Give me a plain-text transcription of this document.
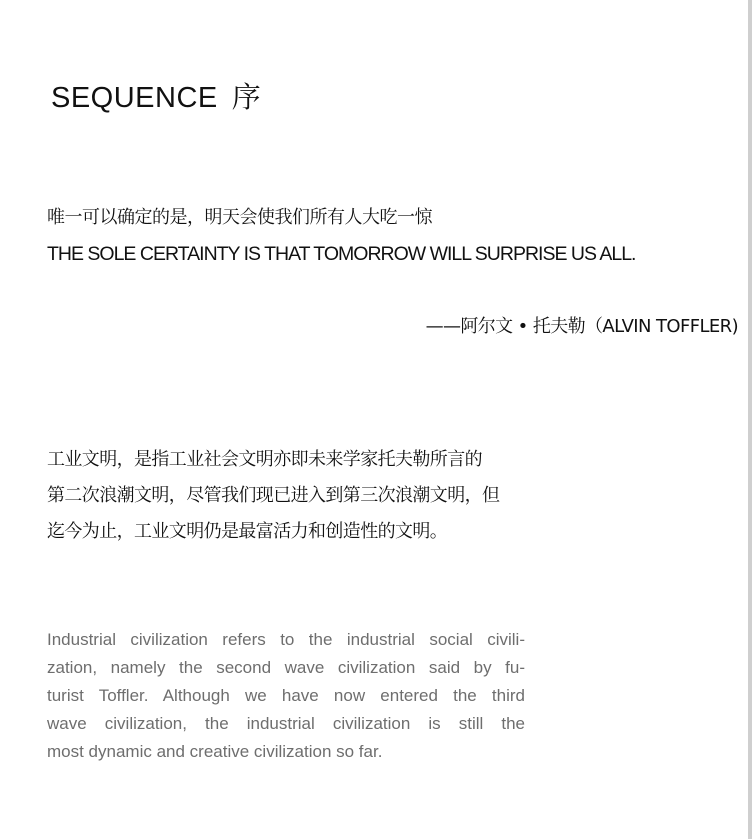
SEQUENCE 序
唯一可以确定的是，明天会使我们所有人大吃一惊
THE SOLE CERTAINTY IS THAT TOMORROW WILL SURPRISE US ALL.
——阿尔文 • 托夫勒（ALVIN TOFFLER)
工业文明，是指工业社会文明亦即未来学家托夫勒所言的
第二次浪潮文明，尽管我们现已进入到第三次浪潮文明，但
迄今为止，工业文明仍是最富活力和创造性的文明。
Industrial civilization refers to the industrial social civili-
zation, namely the second wave civilization said by fu-
turist Toffler. Although we have now entered the third
wave civilization, the industrial civilization is still the
most dynamic and creative civilization so far.
